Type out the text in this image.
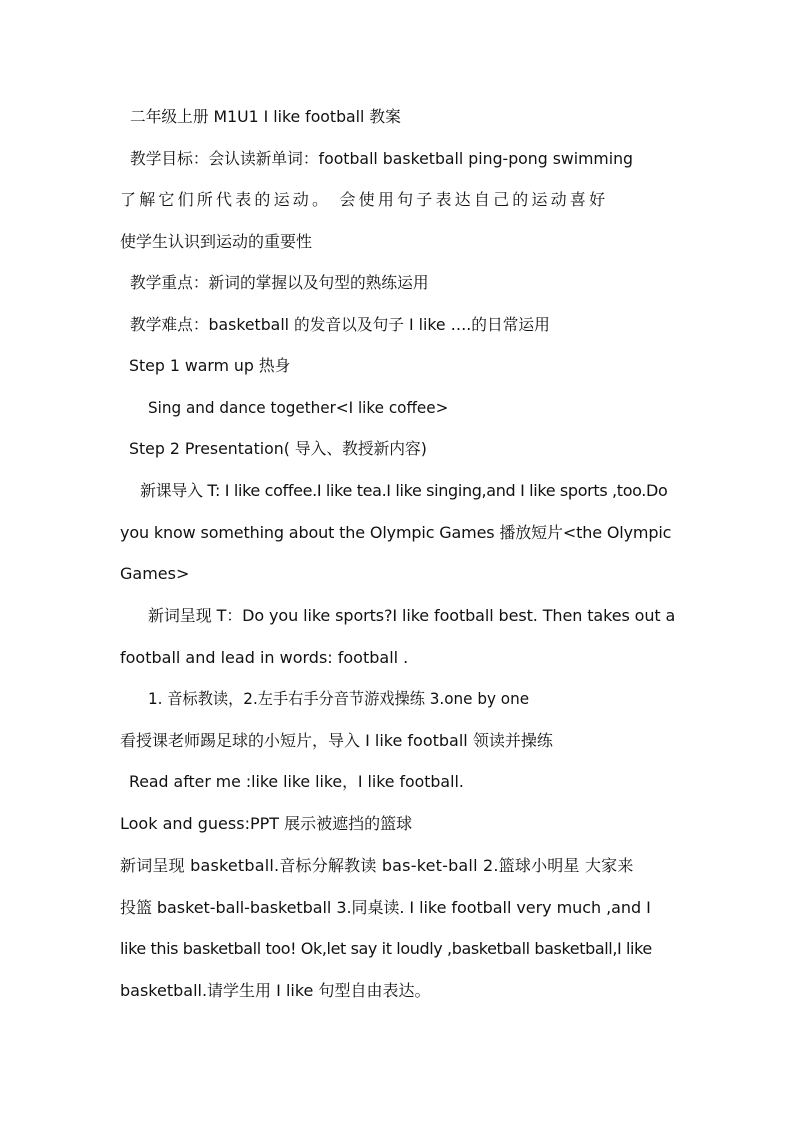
二年级上册 M1U1 I like football 教案
教学目标：会认读新单词：football basketball ping-pong swimming
了解它们所代表的运动。 会使用句子表达自己的运动喜好
使学生认识到运动的重要性
教学重点：新词的掌握以及句型的熟练运用
教学难点：basketball 的发音以及句子 I like ….的日常运用
Step 1 warm up 热身
Sing and dance together<I like coffee>
Step 2 Presentation( 导入、教授新内容)
新课导入 T: I like coffee.I like tea.I like singing,and I like sports ,too.Do
you know something about the Olympic Games 播放短片<the Olympic
Games>
新词呈现 T：Do you like sports?I like football best. Then takes out a
football and lead in words: football .
1. 音标教读，2.左手右手分音节游戏操练 3.one by one
看授课老师踢足球的小短片，导入 I like football 领读并操练
Read after me :like like like，I like football.
Look and guess:PPT 展示被遮挡的篮球
新词呈现 basketball.音标分解教读 bas-ket-ball 2.篮球小明星 大家来
投篮 basket-ball-basketball 3.同桌读. I like football very much ,and I
like this basketball too! Ok,let say it loudly ,basketball basketball,I like
basketball.请学生用 I like 句型自由表达。
